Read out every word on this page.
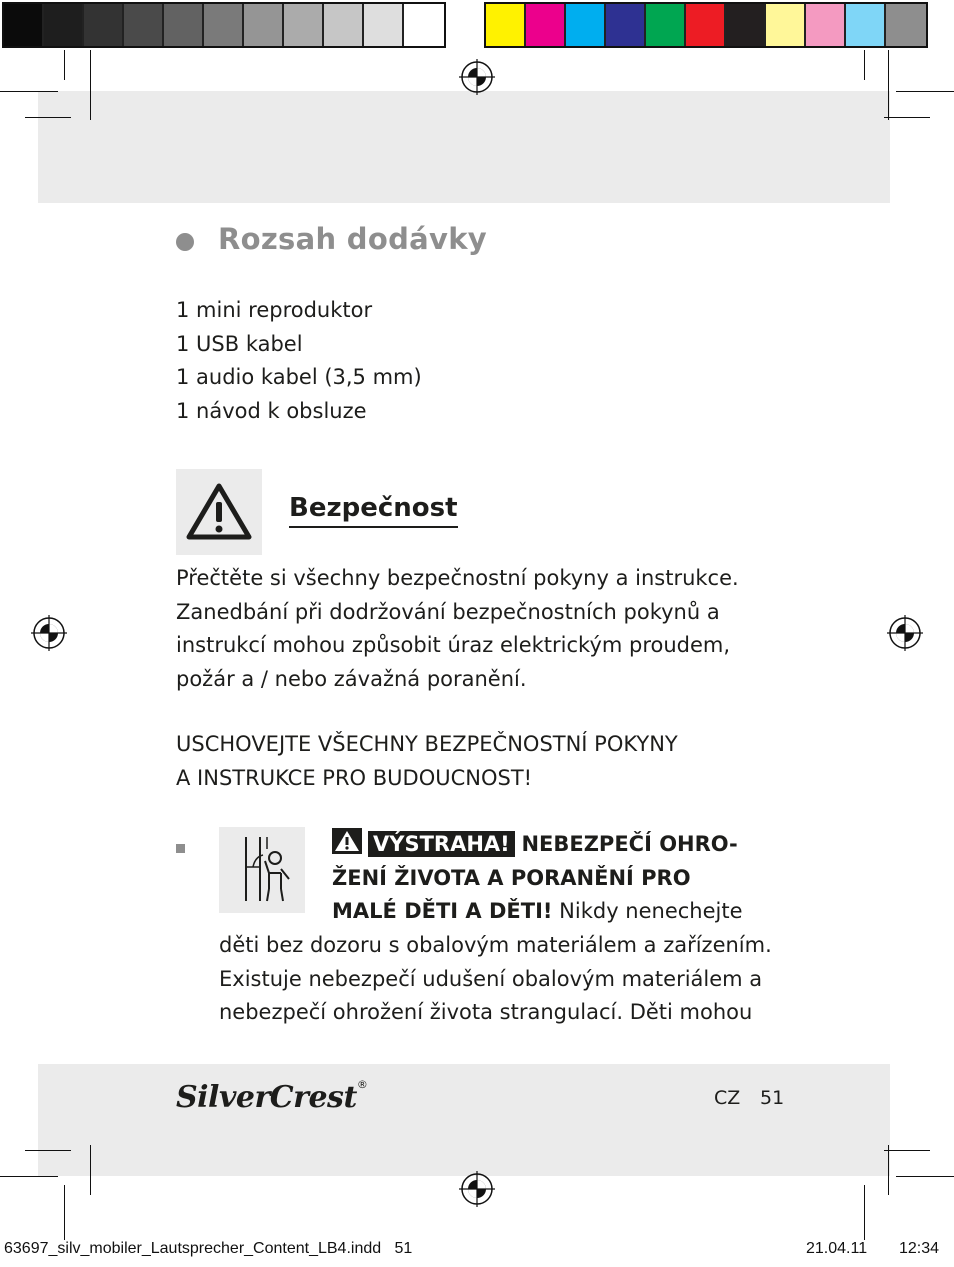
Rozsah dodávky
1 mini reproduktor
1 USB kabel
1 audio kabel (3,5 mm)
1 návod k obsluze
Bezpečnost
Přečtěte si všechny bezpečnostní pokyny a instrukce.
Zanedbání při dodržování bezpečnostních pokynů a
instrukcí mohou způsobit úraz elektrickým proudem,
požár a / nebo závažná poranění.
USCHOVEJTE VŠECHNY BEZPEČNOSTNÍ POKYNY
A INSTRUKCE PRO BUDOUCNOST!
VÝSTRAHA! NEBEZPEČÍ OHRO-
ŽENÍ ŽIVOTA A PORANĚNÍ PRO
MALÉ DĚTI A DĚTI! Nikdy nenechejte
děti bez dozoru s obalovým materiálem a zařízením.
Existuje nebezpečí udušení obalovým materiálem a
nebezpečí ohrožení života strangulací. Děti mohou
SilverCrest®
CZ 51
63697_silv_mobiler_Lautsprecher_Content_LB4.indd   51	21.04.11 12:34
